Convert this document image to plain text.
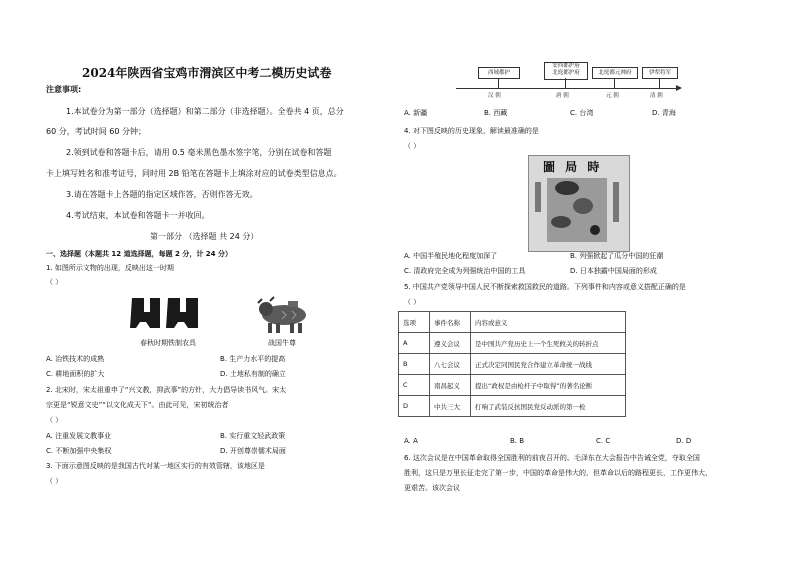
2024年陕西省宝鸡市渭滨区中考二模历史试卷
注意事项:
1.本试卷分为第一部分（选择题）和第二部分（非选择题）。全卷共 4 页，总分
60 分，考试时间 60 分钟；
2.领到试卷和答题卡后，请用 0.5 毫米黑色墨水签字笔，分别在试卷和答题
卡上填写姓名和准考证号，同时用 2B 铅笔在答题卡上填涂对应的试卷类型信息点。
3.请在答题卡上各题的指定区域作答，否则作答无效。
4.考试结束，本试卷和答题卡一并收回。
第一部分 （选择题 共 24 分）
一、选择题（本题共 12 道选择题，每题 2 分，计 24 分）
1. 如图所示文物的出现，反映出这一时期
（ ）
春秋时期铁制农具	战国牛尊
A. 冶铁技术的成熟	B. 生产力水平的提高
C. 耕地面积的扩大	D. 土地私有制的确立
2. 北宋时，宋太祖重申了“兴文教，抑武事”的方针，大力倡导读书风气。宋太
宗更是“锐意文史”“以文化成天下”。由此可见，宋初统治者
（ ）
A. 注重发展文教事业	B. 实行重文轻武政策
C. 不断加强中央集权	D. 开创尊崇儒术局面
3. 下面示意图反映的是我国古代对某一地区实行的有效管辖，该地区是
（ ）
西域都护
安西都护府
北庭都护府	北庭都元帅府	伊犁将军
汉 朝	唐 朝	元 朝	清 朝
A. 新疆	B. 西藏	C. 台湾	D. 青海
4. 对下图反映的历史现象，解读最准确的是
（ ）
圖 局 時
A. 中国半殖民地化程度加深了	B. 列强掀起了瓜分中国的狂潮
C. 清政府完全成为列强统治中国的工具	D. 日本独霸中国局面的形成
5. 中国共产党领导中国人民不断探索救国救民的道路。下列事件和内容或意义搭配正确的是
（ ）
选项	事件名称	内容或意义
A	遵义会议	是中国共产党历史上一个生死攸关的转折点
B	八七会议	正式决定同国民党合作建立革命统一战线
C	南昌起义	提出“政权是由枪杆子中取得”的著名论断
D	中共三大	打响了武装反抗国民党反动派的第一枪
A. A	B. B	C. C	D. D
6. 这次会议是在中国革命取得全国胜利的前夜召开的。毛泽东在大会报告中告诫全党，夺取全国
胜利，这只是万里长征走完了第一步，中国的革命是伟大的，但革命以后的路程更长，工作更伟大、
更艰苦。该次会议
